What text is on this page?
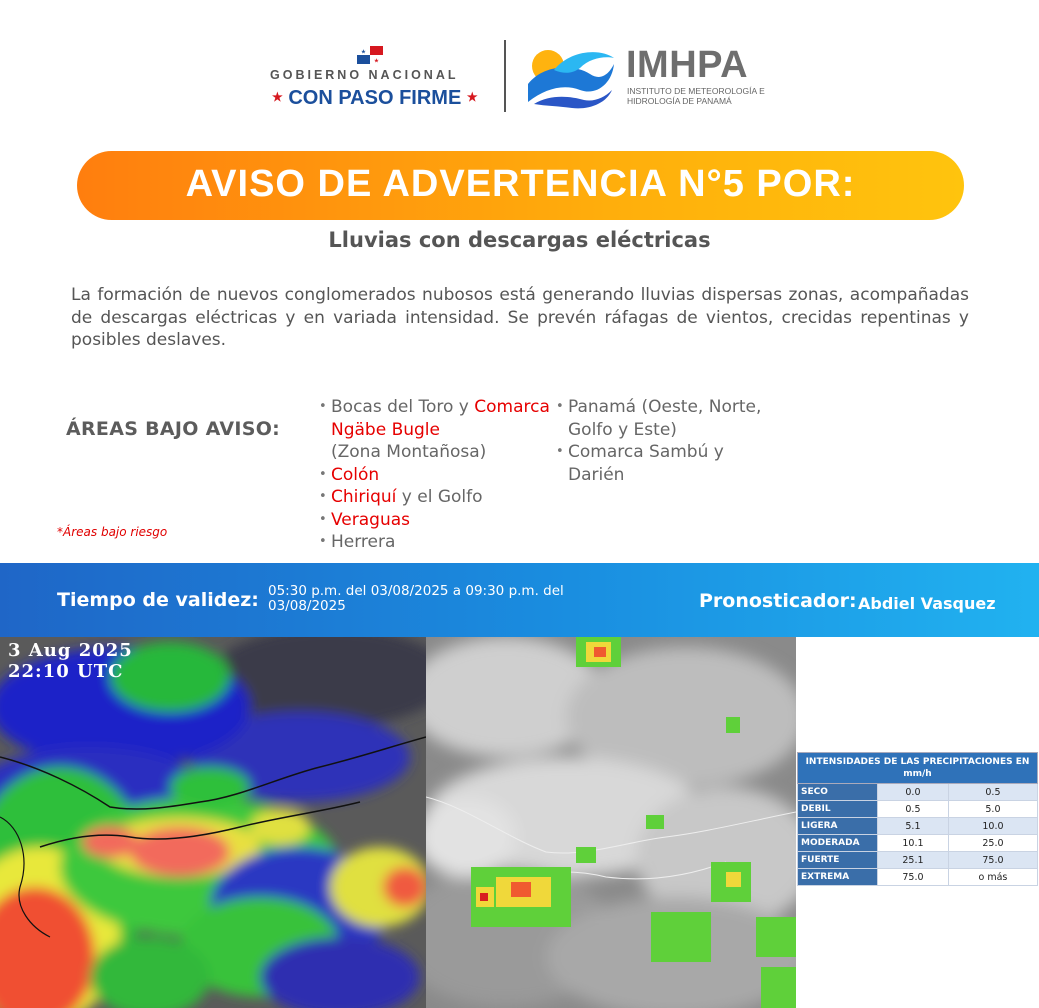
★
★
GOBIERNO NACIONAL
★ CON PASO FIRME ★
IMHPA
INSTITUTO DE METEOROLOGÍA E HIDROLOGÍA DE PANAMÁ
AVISO DE ADVERTENCIA N°5 POR:
Lluvias con descargas eléctricas
La formación de nuevos conglomerados nubosos está generando lluvias dispersas zonas, acompañadas de descargas eléctricas y en variada intensidad. Se prevén ráfagas de vientos, crecidas repentinas y posibles deslaves.
ÁREAS BAJO AVISO:
• Bocas del Toro y Comarca Ngäbe Bugle
(Zona Montañosa)
• Colón
• Chiriquí y el Golfo
• Veraguas
• Herrera
• Panamá (Oeste, Norte, Golfo y Este)
• Comarca Sambú y Darién
*Áreas bajo riesgo
Tiempo de validez: 05:30 p.m. del 03/08/2025 a 09:30 p.m. del 03/08/2025	Pronosticador: Abdiel Vasquez
3 Aug 2025
22:10 UTC
INTENSIDADES DE LAS PRECIPITACIONES EN mm/h		
SECO	0.0	0.5
DEBIL	0.5	5.0
LIGERA	5.1	10.0
MODERADA	10.1	25.0
FUERTE	25.1	75.0
EXTREMA	75.0	o más
